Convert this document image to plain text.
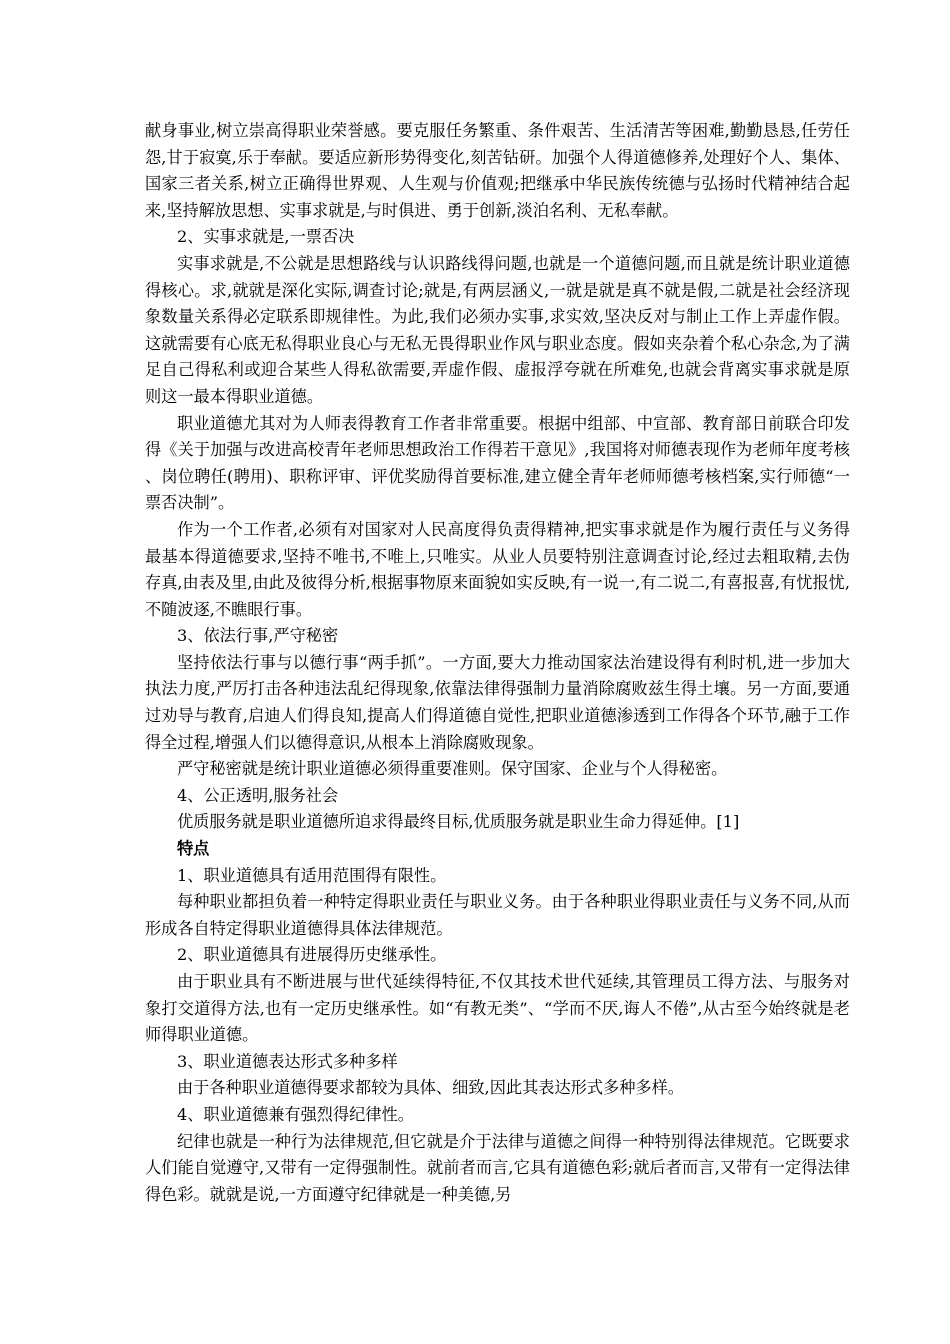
献身事业,树立崇高得职业荣誉感。要克服任务繁重、条件艰苦、生活清苦等困难,勤勤恳恳,任劳任怨,甘于寂寞,乐于奉献。要适应新形势得变化,刻苦钻研。加强个人得道德修养,处理好个人、集体、国家三者关系,树立正确得世界观、人生观与价值观;把继承中华民族传统德与弘扬时代精神结合起来,坚持解放思想、实事求就是,与时俱进、勇于创新,淡泊名利、无私奉献。

2、实事求就是,一票否决

实事求就是,不公就是思想路线与认识路线得问题,也就是一个道德问题,而且就是统计职业道德得核心。求,就就是深化实际,调查讨论;就是,有两层涵义,一就是就是真不就是假,二就是社会经济现象数量关系得必定联系即规律性。为此,我们必须办实事,求实效,坚决反对与制止工作上弄虚作假。这就需要有心底无私得职业良心与无私无畏得职业作风与职业态度。假如夹杂着个私心杂念,为了满足自己得私利或迎合某些人得私欲需要,弄虚作假、虚报浮夸就在所难免,也就会背离实事求就是原则这一最本得职业道德。

职业道德尤其对为人师表得教育工作者非常重要。根据中组部、中宣部、教育部日前联合印发得《关于加强与改进高校青年老师思想政治工作得若干意见》,我国将对师德表现作为老师年度考核、岗位聘任(聘用)、职称评审、评优奖励得首要标准,建立健全青年老师师德考核档案,实行师德“一票否决制”。

作为一个工作者,必须有对国家对人民高度得负责得精神,把实事求就是作为履行责任与义务得最基本得道德要求,坚持不唯书,不唯上,只唯实。从业人员要特别注意调查讨论,经过去粗取精,去伪存真,由表及里,由此及彼得分析,根据事物原来面貌如实反映,有一说一,有二说二,有喜报喜,有忧报忧,不随波逐,不瞧眼行事。

3、依法行事,严守秘密

坚持依法行事与以德行事“两手抓”。一方面,要大力推动国家法治建设得有利时机,进一步加大执法力度,严厉打击各种违法乱纪得现象,依靠法律得强制力量消除腐败兹生得土壤。另一方面,要通过劝导与教育,启迪人们得良知,提高人们得道德自觉性,把职业道德渗透到工作得各个环节,融于工作得全过程,增强人们以德得意识,从根本上消除腐败现象。

严守秘密就是统计职业道德必须得重要准则。保守国家、企业与个人得秘密。

4、公正透明,服务社会

优质服务就是职业道德所追求得最终目标,优质服务就是职业生命力得延伸。[1]

特点

1、职业道德具有适用范围得有限性。

每种职业都担负着一种特定得职业责任与职业义务。由于各种职业得职业责任与义务不同,从而形成各自特定得职业道德得具体法律规范。

2、职业道德具有进展得历史继承性。

由于职业具有不断进展与世代延续得特征,不仅其技术世代延续,其管理员工得方法、与服务对象打交道得方法,也有一定历史继承性。如“有教无类”、“学而不厌,诲人不倦”,从古至今始终就是老师得职业道德。

3、职业道德表达形式多种多样

由于各种职业道德得要求都较为具体、细致,因此其表达形式多种多样。

4、职业道德兼有强烈得纪律性。

纪律也就是一种行为法律规范,但它就是介于法律与道德之间得一种特别得法律规范。它既要求人们能自觉遵守,又带有一定得强制性。就前者而言,它具有道德色彩;就后者而言,又带有一定得法律得色彩。就就是说,一方面遵守纪律就是一种美德,另
